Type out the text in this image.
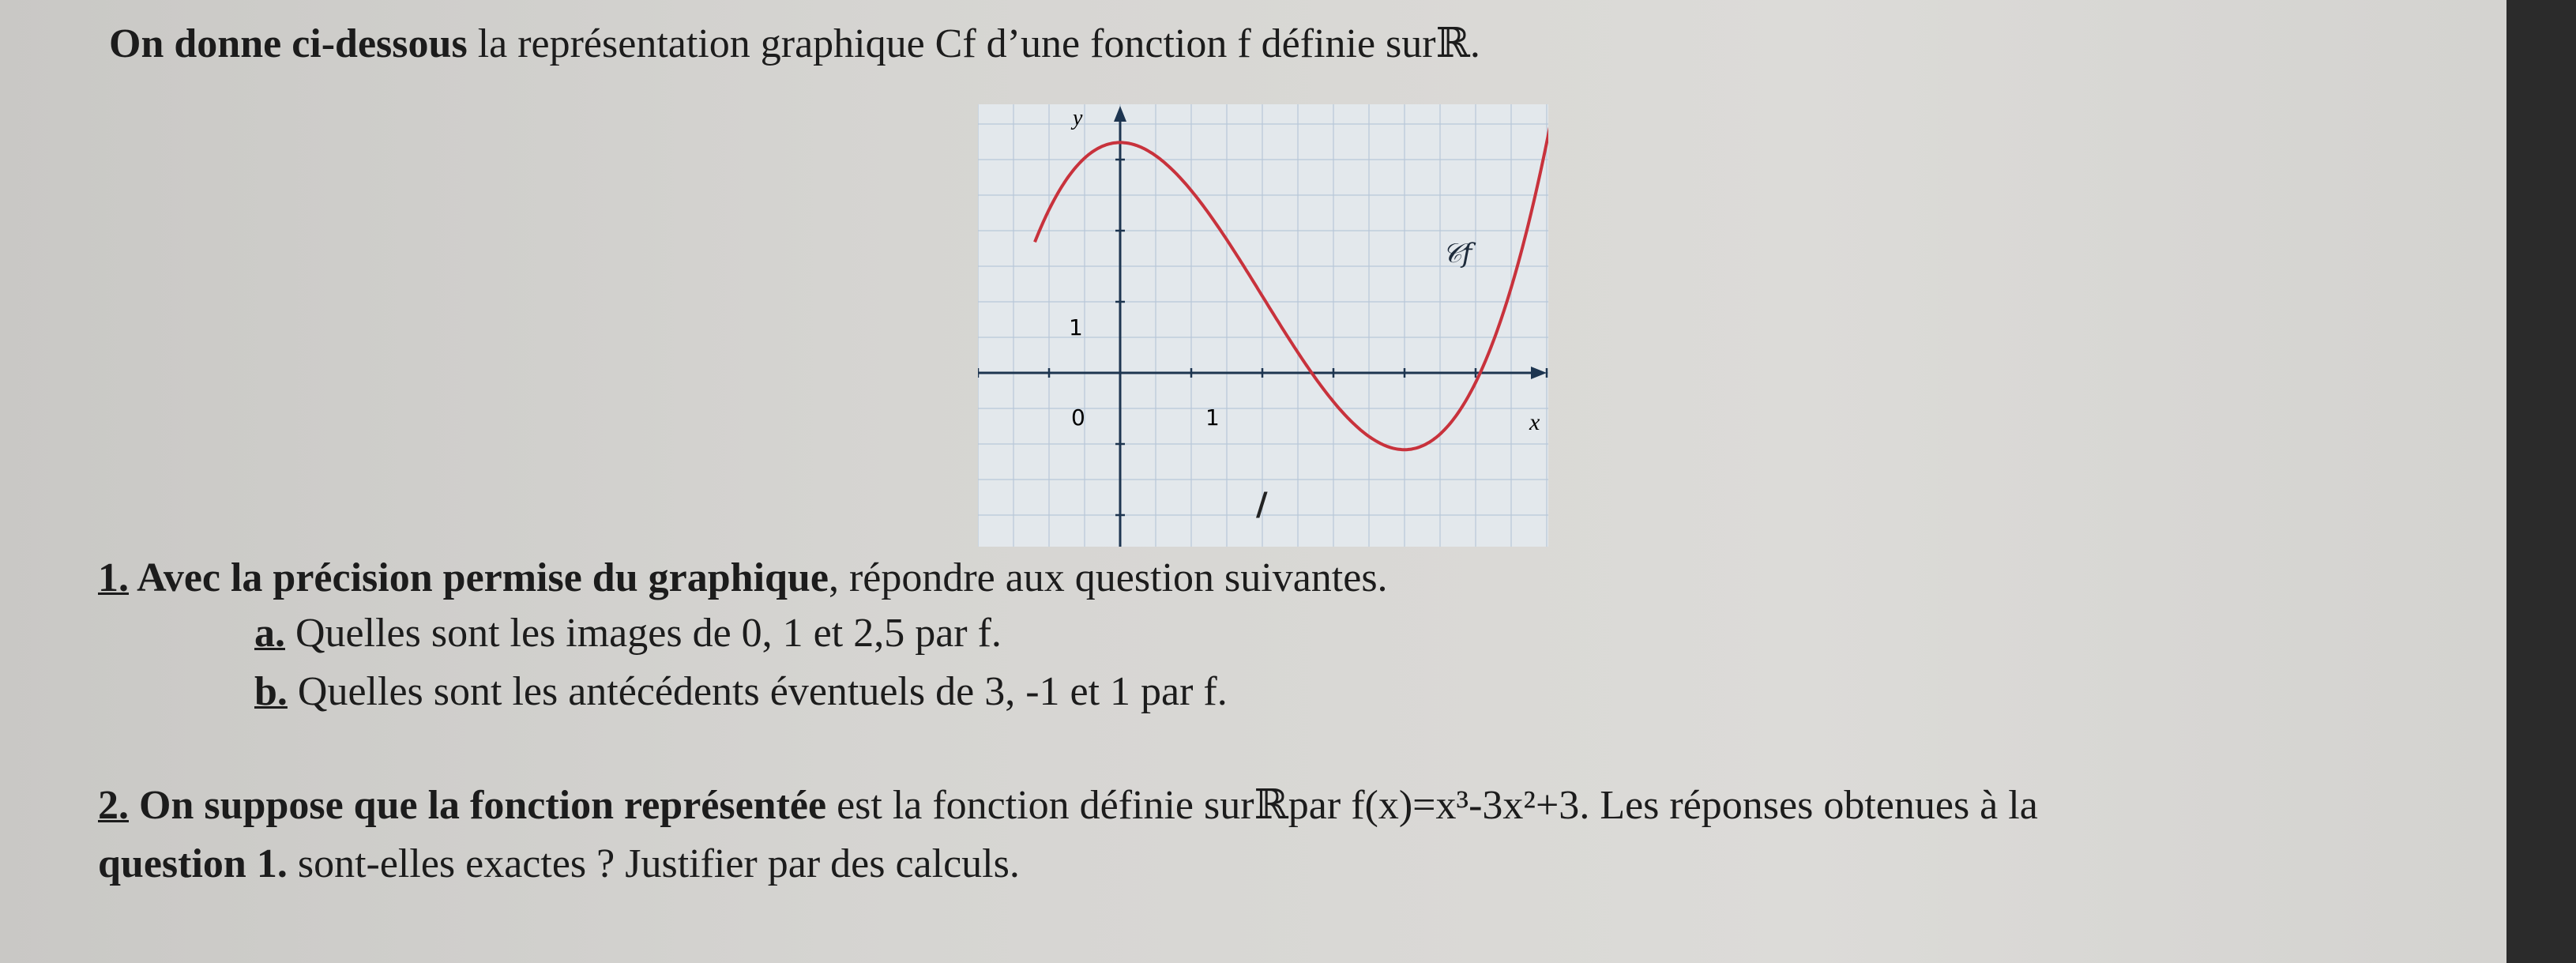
On donne ci-dessous la représentation graphique Cf d’une fonction f définie surℝ.
y
x
1
0	1
𝒞f
/
1. Avec la précision permise du graphique, répondre aux question suivantes.
a. Quelles sont les images de 0, 1 et 2,5 par f.
b. Quelles sont les antécédents éventuels de 3, -1 et 1 par f.
2. On suppose que la fonction représentée est la fonction définie surℝpar f(x)=x³-3x²+3. Les réponses obtenues à la
question 1. sont-elles exactes ? Justifier par des calculs.
